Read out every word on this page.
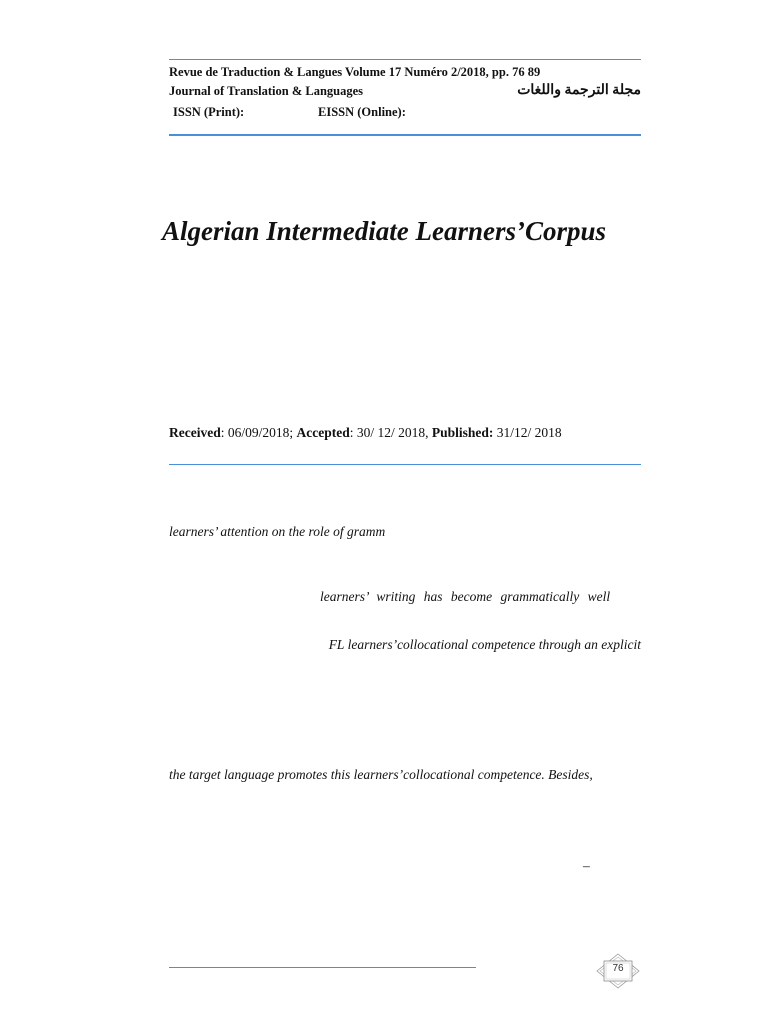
Revue de Traduction & Langues Volume 17 Numéro 2/2018, pp. 76 89
Journal of Translation & Languages	مجلة الترجمة واللغات
ISSN (Print):	EISSN (Online):
Algerian Intermediate Learners’Corpus
Received: 06/09/2018; Accepted: 30/ 12/ 2018, Published: 31/12/ 2018
learners’ attention on the role of gramm
learners’ writing has become grammatically well
FL learners’collocational competence through an explicit
the target language promotes this learners’collocational competence. Besides,
–
76
